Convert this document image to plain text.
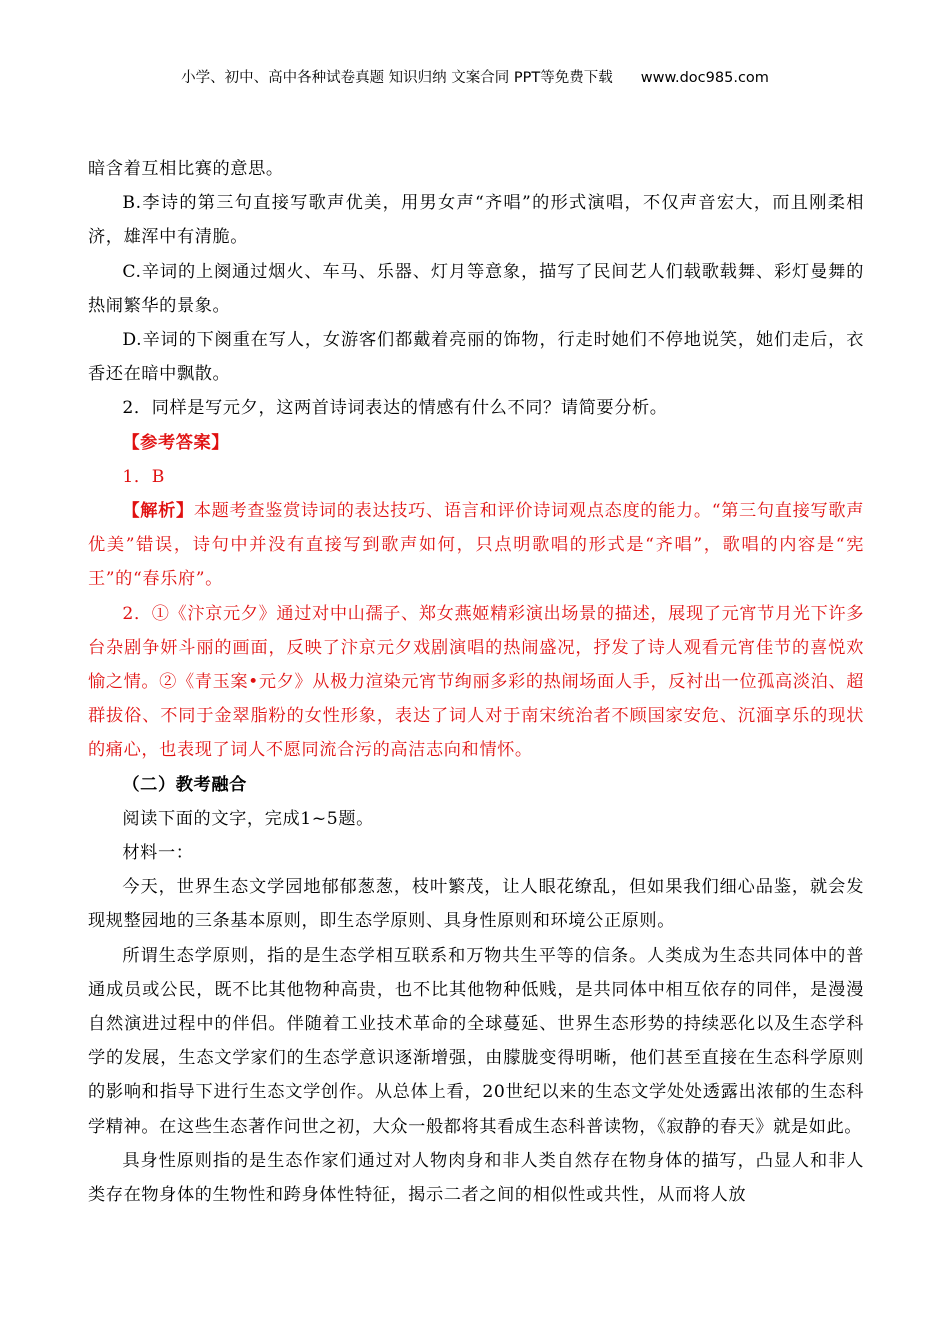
小学、初中、高中各种试卷真题 知识归纳 文案合同 PPT等免费下载 www.doc985.com

暗含着互相比赛的意思。

B.李诗的第三句直接写歌声优美，用男女声“齐唱”的形式演唱，不仅声音宏大，而且刚柔相济，雄浑中有清脆。

C.辛词的上阕通过烟火、车马、乐器、灯月等意象，描写了民间艺人们载歌载舞、彩灯曼舞的热闹繁华的景象。

D.辛词的下阕重在写人，女游客们都戴着亮丽的饰物，行走时她们不停地说笑，她们走后，衣香还在暗中飘散。

2．同样是写元夕，这两首诗词表达的情感有什么不同？请简要分析。

【参考答案】

1．B

【解析】本题考查鉴赏诗词的表达技巧、语言和评价诗词观点态度的能力。“第三句直接写歌声优美”错误，诗句中并没有直接写到歌声如何，只点明歌唱的形式是“齐唱”，歌唱的内容是“宪王”的“春乐府”。

2．①《汴京元夕》通过对中山孺子、郑女燕姬精彩演出场景的描述，展现了元宵节月光下许多台杂剧争妍斗丽的画面，反映了汴京元夕戏剧演唱的热闹盛况，抒发了诗人观看元宵佳节的喜悦欢愉之情。②《青玉案•元夕》从极力渲染元宵节绚丽多彩的热闹场面人手，反衬出一位孤高淡泊、超群拔俗、不同于金翠脂粉的女性形象，表达了词人对于南宋统治者不顾国家安危、沉湎享乐的现状的痛心，也表现了词人不愿同流合污的高洁志向和情怀。

（二）教考融合

阅读下面的文字，完成1~5题。

材料一：

今天，世界生态文学园地郁郁葱葱，枝叶繁茂，让人眼花缭乱，但如果我们细心品鉴，就会发现规整园地的三条基本原则，即生态学原则、具身性原则和环境公正原则。

所谓生态学原则，指的是生态学相互联系和万物共生平等的信条。人类成为生态共同体中的普通成员或公民，既不比其他物种高贵，也不比其他物种低贱，是共同体中相互依存的同伴，是漫漫自然演进过程中的伴侣。伴随着工业技术革命的全球蔓延、世界生态形势的持续恶化以及生态学科学的发展，生态文学家们的生态学意识逐渐增强，由朦胧变得明晰，他们甚至直接在生态科学原则的影响和指导下进行生态文学创作。从总体上看，20世纪以来的生态文学处处透露出浓郁的生态科学精神。在这些生态著作问世之初，大众一般都将其看成生态科普读物，《寂静的春天》就是如此。

具身性原则指的是生态作家们通过对人物肉身和非人类自然存在物身体的描写，凸显人和非人类存在物身体的生物性和跨身体性特征，揭示二者之间的相似性或共性，从而将人放
